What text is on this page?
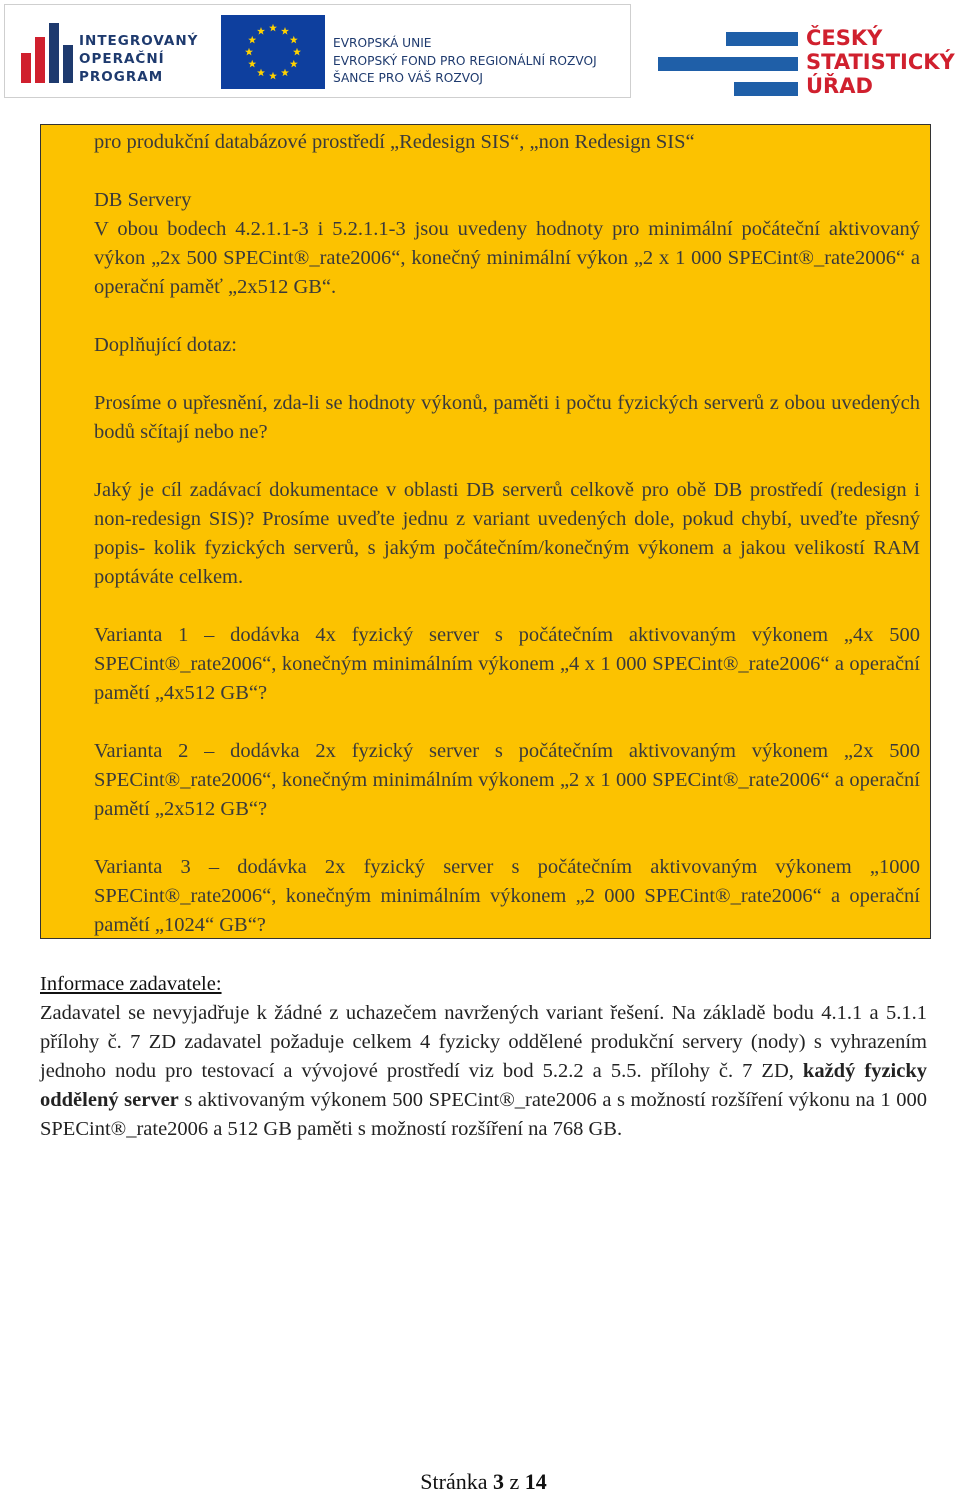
INTEGROVANÝ
OPERAČNÍ
PROGRAM
EVROPSKÁ UNIE
EVROPSKÝ FOND PRO REGIONÁLNÍ ROZVOJ
ŠANCE PRO VÁŠ ROZVOJ
ČESKÝ
STATISTICKÝ
ÚŘAD
pro produkční databázové prostředí „Redesign SIS“, „non Redesign SIS“
DB Servery
V obou bodech 4.2.1.1-3 i 5.2.1.1-3 jsou uvedeny hodnoty pro minimální počáteční aktivovaný výkon „2x 500 SPECint®_rate2006“, konečný minimální výkon „2 x 1 000 SPECint®_rate2006“ a operační paměť „2x512 GB“.
Doplňující dotaz:
Prosíme o upřesnění, zda-li se hodnoty výkonů, paměti i počtu fyzických serverů z obou uvedených bodů sčítají nebo ne?
Jaký je cíl zadávací dokumentace v oblasti DB serverů celkově pro obě DB prostředí (redesign i non-redesign SIS)? Prosíme uveďte jednu z variant uvedených dole, pokud chybí, uveďte přesný popis- kolik fyzických serverů, s jakým počátečním/konečným výkonem a jakou velikostí RAM poptáváte celkem.
Varianta 1 – dodávka 4x fyzický server s počátečním aktivovaným výkonem „4x 500 SPECint®_rate2006“, konečným minimálním výkonem „4 x 1 000 SPECint®_rate2006“ a operační pamětí „4x512 GB“?
Varianta 2 – dodávka 2x fyzický server s počátečním aktivovaným výkonem „2x 500 SPECint®_rate2006“, konečným minimálním výkonem „2 x 1 000 SPECint®_rate2006“ a operační pamětí „2x512 GB“?
Varianta 3 – dodávka 2x fyzický server s počátečním aktivovaným výkonem „1000 SPECint®_rate2006“, konečným minimálním výkonem „2 000 SPECint®_rate2006“ a operační pamětí „1024“ GB“?
Informace zadavatele:
Zadavatel se nevyjadřuje k žádné z uchazečem navržených variant řešení. Na základě bodu 4.1.1 a 5.1.1 přílohy č. 7 ZD zadavatel požaduje celkem 4 fyzicky oddělené produkční servery (nody) s vyhrazením jednoho nodu pro testovací a vývojové prostředí viz bod 5.2.2 a 5.5. přílohy č. 7 ZD, každý fyzicky oddělený server s aktivovaným výkonem 500 SPECint®_rate2006 a s možností rozšíření výkonu na 1 000 SPECint®_rate2006 a 512 GB paměti s možností rozšíření na 768 GB.
Stránka 3 z 14
